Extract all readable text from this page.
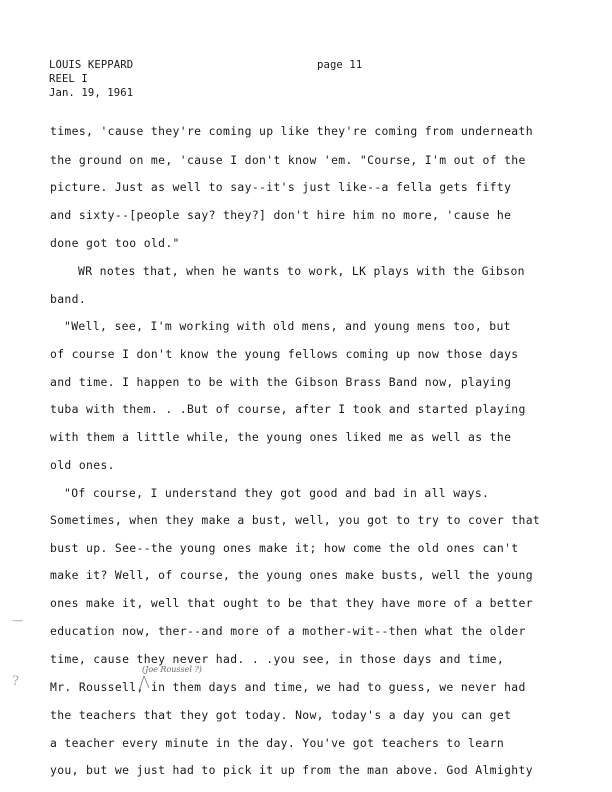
LOUIS KEPPARD
REEL I
Jan. 19, 1961
page 11
times, 'cause they're coming up like they're coming from underneath
the ground on me, 'cause I don't know 'em. "Course, I'm out of the
picture. Just as well to say--it's just like--a fella gets fifty
and sixty--[people say? they?] don't hire him no more, 'cause he
done got too old."
WR notes that, when he wants to work, LK plays with the Gibson
band.
"Well, see, I'm working with old mens, and young mens too, but
of course I don't know the young fellows coming up now those days
and time. I happen to be with the Gibson Brass Band now, playing
tuba with them. . .But of course, after I took and started playing
with them a little while, the young ones liked me as well as the
old ones.
"Of course, I understand they got good and bad in all ways.
Sometimes, when they make a bust, well, you got to try to cover that
bust up. See--the young ones make it; how come the old ones can't
make it? Well, of course, the young ones make busts, well the young
ones make it, well that ought to be that they have more of a better
education now, ther--and more of a mother-wit--then what the older
time, cause they never had. . .you see, in those days and time,
Mr. Roussell, in them days and time, we had to guess, we never had
the teachers that they got today. Now, today's a day you can get
a teacher every minute in the day. You've got teachers to learn
you, but we just had to pick it up from the man above. God Almighty
(Joe Roussel ?)
—
?
